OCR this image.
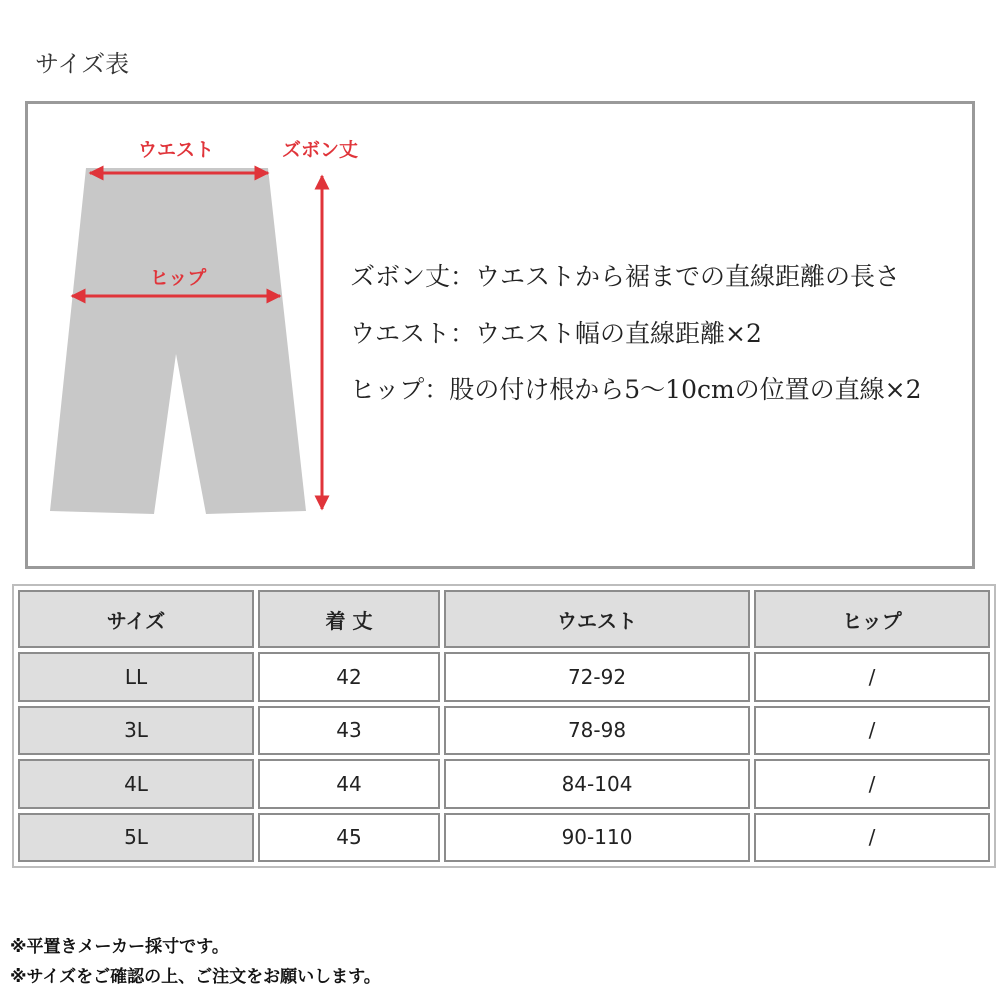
サイズ表
ウエスト	ズボン丈
ヒップ	ズボン丈：ウエストから裾までの直線距離の長さ
ウエスト：ウエスト幅の直線距離×2
ヒップ：股の付け根から5〜10cmの位置の直線×2
サイズ	着 丈	ウエスト	ヒップ
LL	42	72-92	/
3L	43	78-98	/
4L	44	84-104	/
5L	45	90-110	/
※平置きメーカー採寸です。
※サイズをご確認の上、ご注文をお願いします。
